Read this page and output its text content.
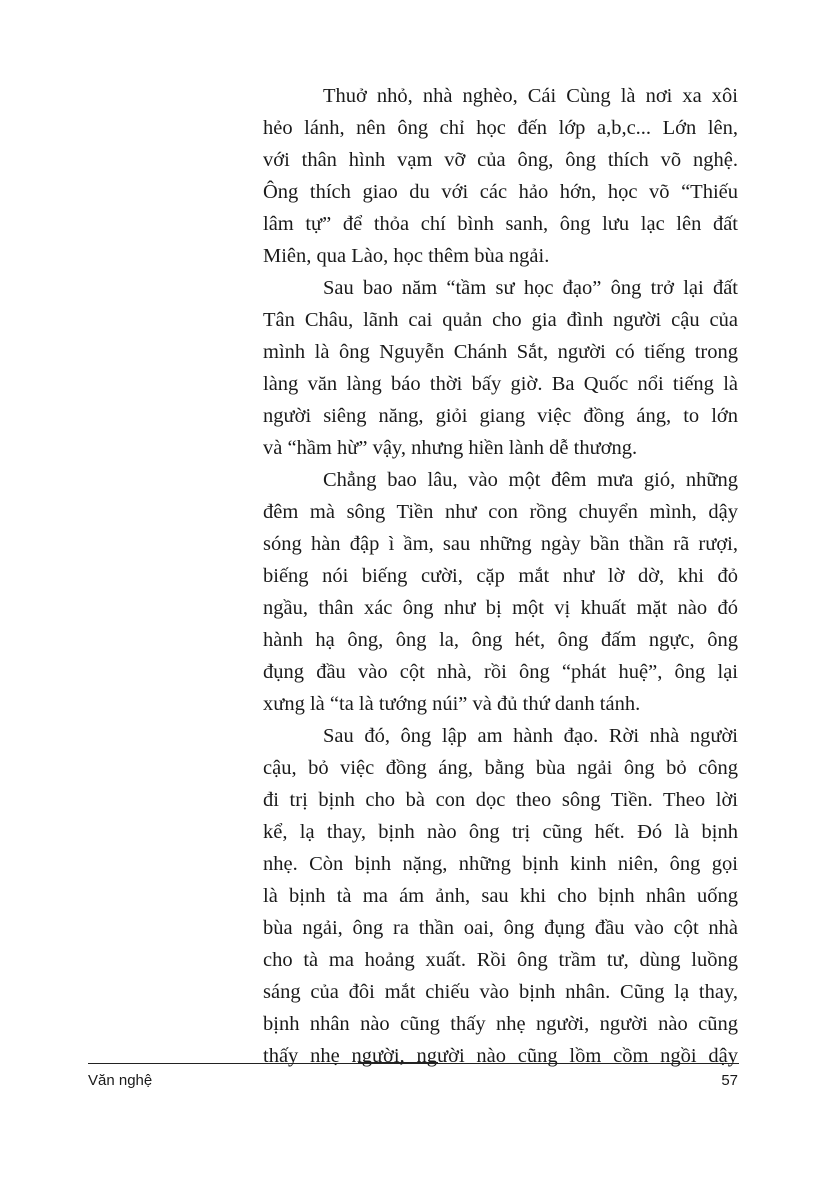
Thuở nhỏ, nhà nghèo, Cái Cùng là nơi xa xôi
hẻo lánh, nên ông chỉ học đến lớp a,b,c... Lớn lên,
với thân hình vạm vỡ của ông, ông thích võ nghệ.
Ông thích giao du với các hảo hớn, học võ “Thiếu
lâm tự” để thỏa chí bình sanh, ông lưu lạc lên đất
Miên, qua Lào, học thêm bùa ngải.
Sau bao năm “tầm sư học đạo” ông trở lại đất
Tân Châu, lãnh cai quản cho gia đình người cậu của
mình là ông Nguyễn Chánh Sắt, người có tiếng trong
làng văn làng báo thời bấy giờ. Ba Quốc nổi tiếng là
người siêng năng, giỏi giang việc đồng áng, to lớn
và “hầm hừ” vậy, nhưng hiền lành dễ thương.
Chẳng bao lâu, vào một đêm mưa gió, những
đêm mà sông Tiền như con rồng chuyển mình, dậy
sóng hàn đập ì ầm, sau những ngày bần thần rã rượi,
biếng nói biếng cười, cặp mắt như lờ dờ, khi đỏ
ngầu, thân xác ông như bị một vị khuất mặt nào đó
hành hạ ông, ông la, ông hét, ông đấm ngực, ông
đụng đầu vào cột nhà, rồi ông “phát huệ”, ông lại
xưng là “ta là tướng núi” và đủ thứ danh tánh.
Sau đó, ông lập am hành đạo. Rời nhà người
cậu, bỏ việc đồng áng, bằng bùa ngải ông bỏ công
đi trị bịnh cho bà con dọc theo sông Tiền. Theo lời
kể, lạ thay, bịnh nào ông trị cũng hết. Đó là bịnh
nhẹ. Còn bịnh nặng, những bịnh kinh niên, ông gọi
là bịnh tà ma ám ảnh, sau khi cho bịnh nhân uống
bùa ngải, ông ra thần oai, ông đụng đầu vào cột nhà
cho tà ma hoảng xuất. Rồi ông trầm tư, dùng luồng
sáng của đôi mắt chiếu vào bịnh nhân. Cũng lạ thay,
bịnh nhân nào cũng thấy nhẹ người, người nào cũng
thấy nhẹ người, người nào cũng lồm cồm ngồi dậy
Văn nghệ	57
